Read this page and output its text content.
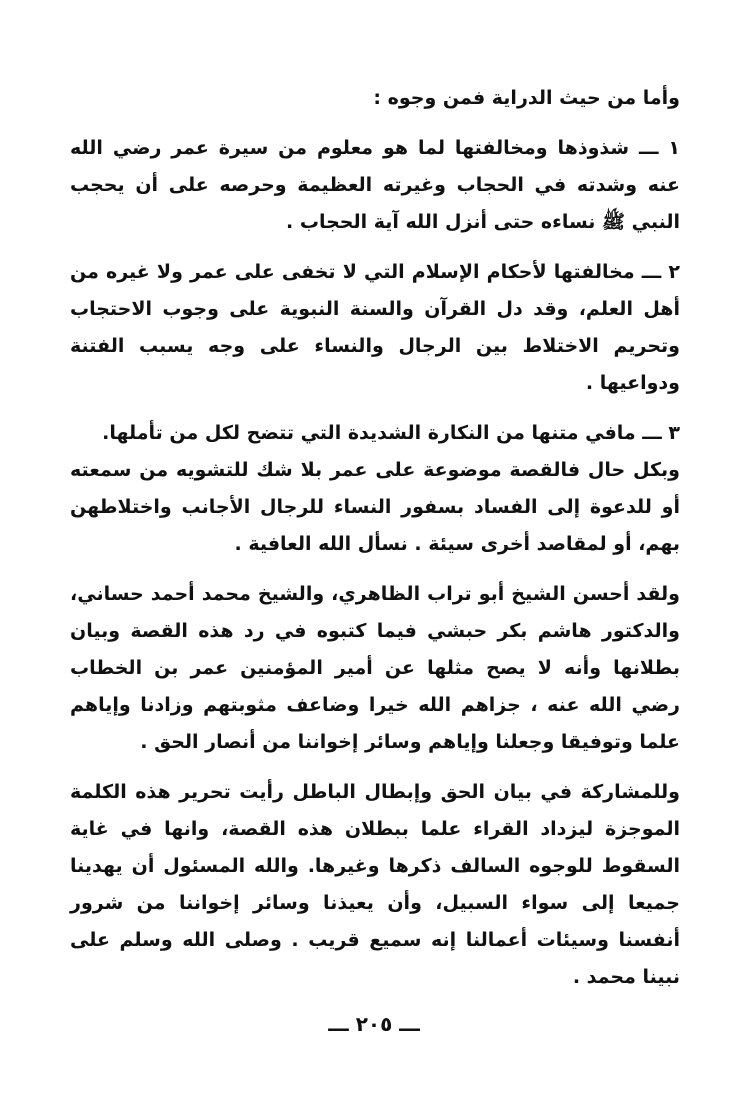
وأما من حيث الدراية فمن وجوه :

١ ـــ شذوذها ومخالفتها لما هو معلوم من سيرة عمر رضي الله عنه وشدته في الحجاب وغيرته العظيمة وحرصه على أن يحجب النبي ﷺ نساءه حتى أنزل الله آية الحجاب .

٢ ـــ مخالفتها لأحكام الإسلام التي لا تخفى على عمر ولا غيره من أهل العلم، وقد دل القرآن والسنة النبوية على وجوب الاحتجاب وتحريم الاختلاط بين الرجال والنساء على وجه يسبب الفتنة ودواعيها .

٣ ـــ مافي متنها من النكارة الشديدة التي تتضح لكل من تأملها.

وبكل حال فالقصة موضوعة على عمر بلا شك للتشويه من سمعته أو للدعوة إلى الفساد بسفور النساء للرجال الأجانب واختلاطهن بهم، أو لمقاصد أخرى سيئة . نسأل الله العافية .

ولقد أحسن الشيخ أبو تراب الظاهري، والشيخ محمد أحمد حساني، والدكتور هاشم بكر حبشي فيما كتبوه في رد هذه القصة وبيان بطلانها وأنه لا يصح مثلها عن أمير المؤمنين عمر بن الخطاب رضي الله عنه ، جزاهم الله خيرا وضاعف مثوبتهم وزادنا وإياهم علما وتوفيقا وجعلنا وإياهم وسائر إخواننا من أنصار الحق .

وللمشاركة في بيان الحق وإبطال الباطل رأيت تحرير هذه الكلمة الموجزة ليزداد القراء علما ببطلان هذه القصة، وانها في غاية السقوط للوجوه السالف ذكرها وغيرها. والله المسئول أن يهدينا جميعا إلى سواء السبيل، وأن يعيذنا وسائر إخواننا من شرور أنفسنا وسيئات أعمالنا إنه سميع قريب . وصلى الله وسلم على نبينا محمد .

ـــ ٢٠٥ ـــ
